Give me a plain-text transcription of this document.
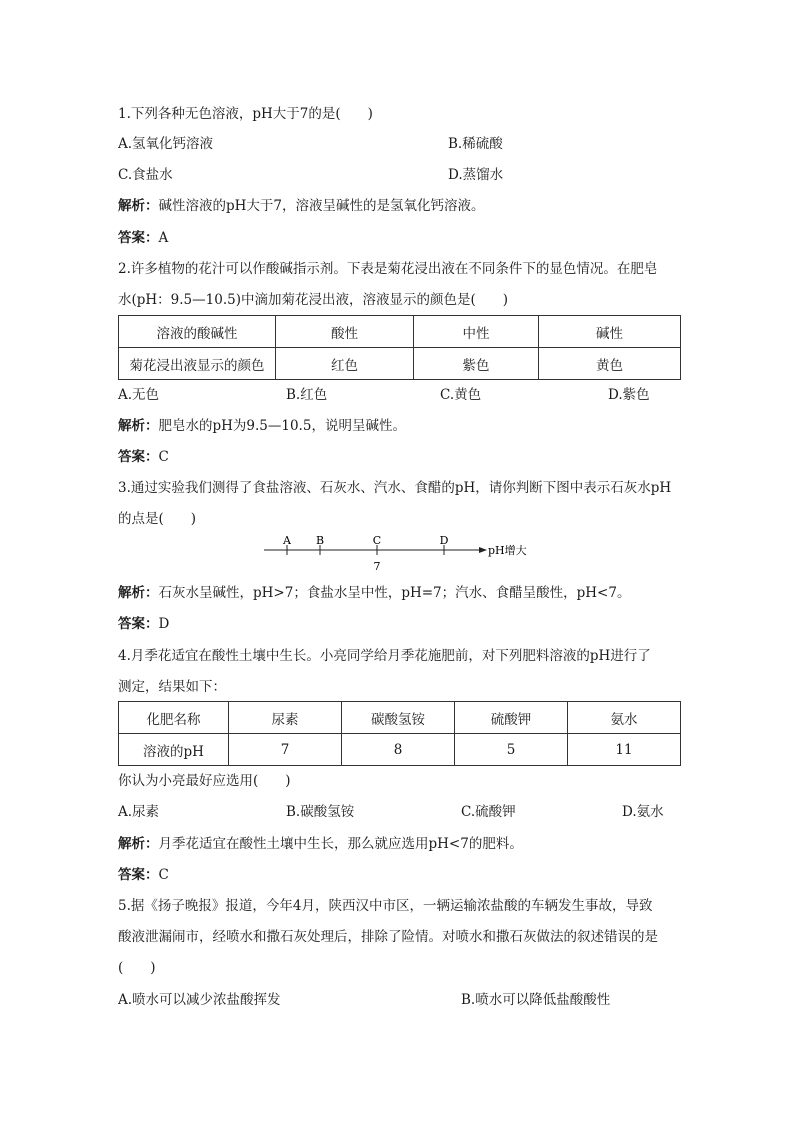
1.下列各种无色溶液，pH大于7的是(　　)
A.氢氧化钙溶液	B.稀硫酸
C.食盐水	D.蒸馏水
解析：碱性溶液的pH大于7，溶液呈碱性的是氢氧化钙溶液。
答案：A
2.许多植物的花汁可以作酸碱指示剂。下表是菊花浸出液在不同条件下的显色情况。在肥皂
水(pH：9.5—10.5)中滴加菊花浸出液，溶液显示的颜色是(　　)
溶液的酸碱性	酸性	中性	碱性
菊花浸出液显示的颜色	红色	紫色	黄色
A.无色	B.红色	C.黄色	D.紫色
解析：肥皂水的pH为9.5—10.5，说明呈碱性。
答案：C
3.通过实验我们测得了食盐溶液、石灰水、汽水、食醋的pH，请你判断下图中表示石灰水pH
的点是(　　)
A B	C	D
7
pH增大
解析：石灰水呈碱性，pH>7；食盐水呈中性，pH=7；汽水、食醋呈酸性，pH<7。
答案：D
4.月季花适宜在酸性土壤中生长。小亮同学给月季花施肥前，对下列肥料溶液的pH进行了
测定，结果如下：
化肥名称	尿素	碳酸氢铵	硫酸钾	氨水
溶液的pH	7	8	5	11
你认为小亮最好应选用(　　)
A.尿素	B.碳酸氢铵	C.硫酸钾	D.氨水
解析：月季花适宜在酸性土壤中生长，那么就应选用pH<7的肥料。
答案：C
5.据《扬子晚报》报道，今年4月，陕西汉中市区，一辆运输浓盐酸的车辆发生事故，导致
酸液泄漏闹市，经喷水和撒石灰处理后，排除了险情。对喷水和撒石灰做法的叙述错误的是
(　　)
A.喷水可以减少浓盐酸挥发	B.喷水可以降低盐酸酸性
